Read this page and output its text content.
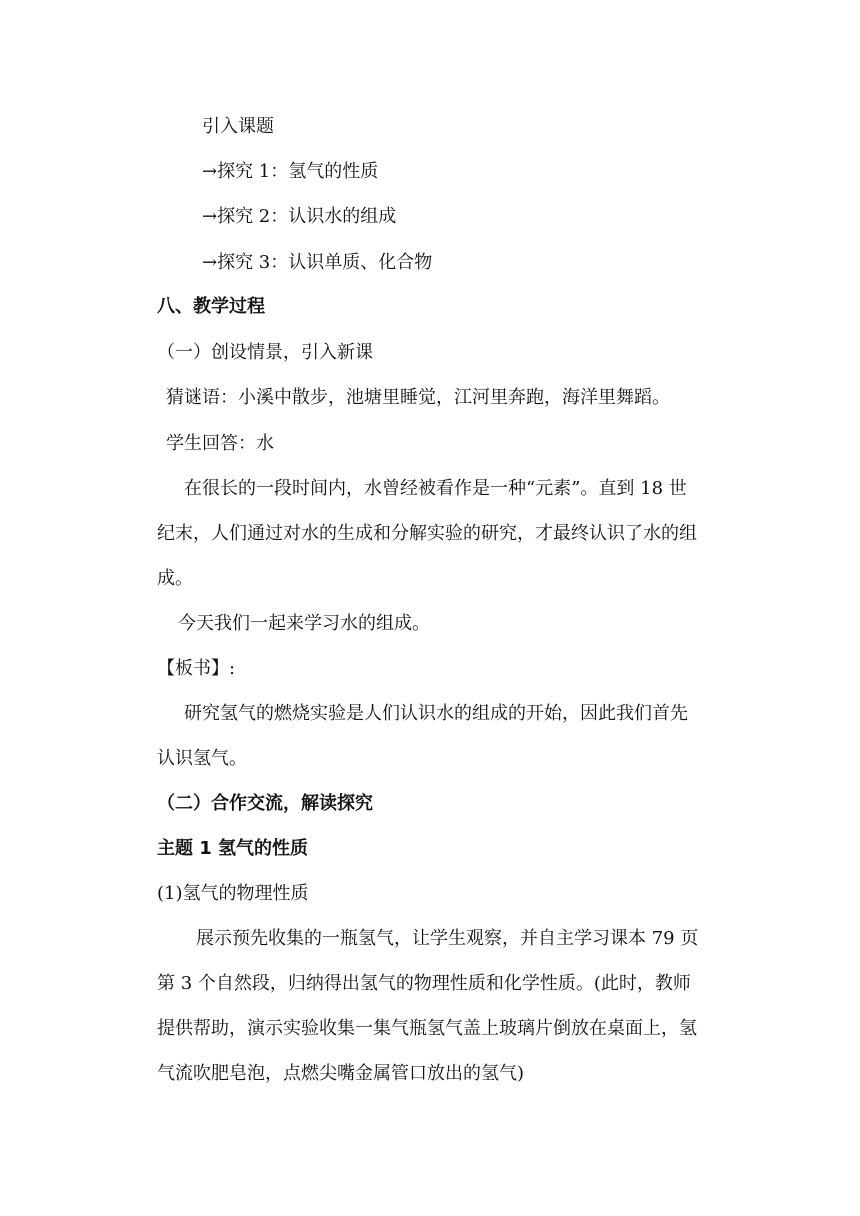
引入课题
→探究 1：氢气的性质
→探究 2：认识水的组成
→探究 3：认识单质、化合物
八、教学过程
（一）创设情景，引入新课
猜谜语：小溪中散步，池塘里睡觉，江河里奔跑，海洋里舞蹈。
学生回答：水
在很长的一段时间内，水曾经被看作是一种“元素”。直到 18 世
纪末，人们通过对水的生成和分解实验的研究，才最终认识了水的组
成。
今天我们一起来学习水的组成。
【板书】:
研究氢气的燃烧实验是人们认识水的组成的开始，因此我们首先
认识氢气。
（二）合作交流，解读探究
主题 1 氢气的性质
(1)氢气的物理性质
展示预先收集的一瓶氢气，让学生观察，并自主学习课本 79 页
第 3 个自然段，归纳得出氢气的物理性质和化学性质。(此时，教师
提供帮助，演示实验收集一集气瓶氢气盖上玻璃片倒放在桌面上，氢
气流吹肥皂泡，点燃尖嘴金属管口放出的氢气)
